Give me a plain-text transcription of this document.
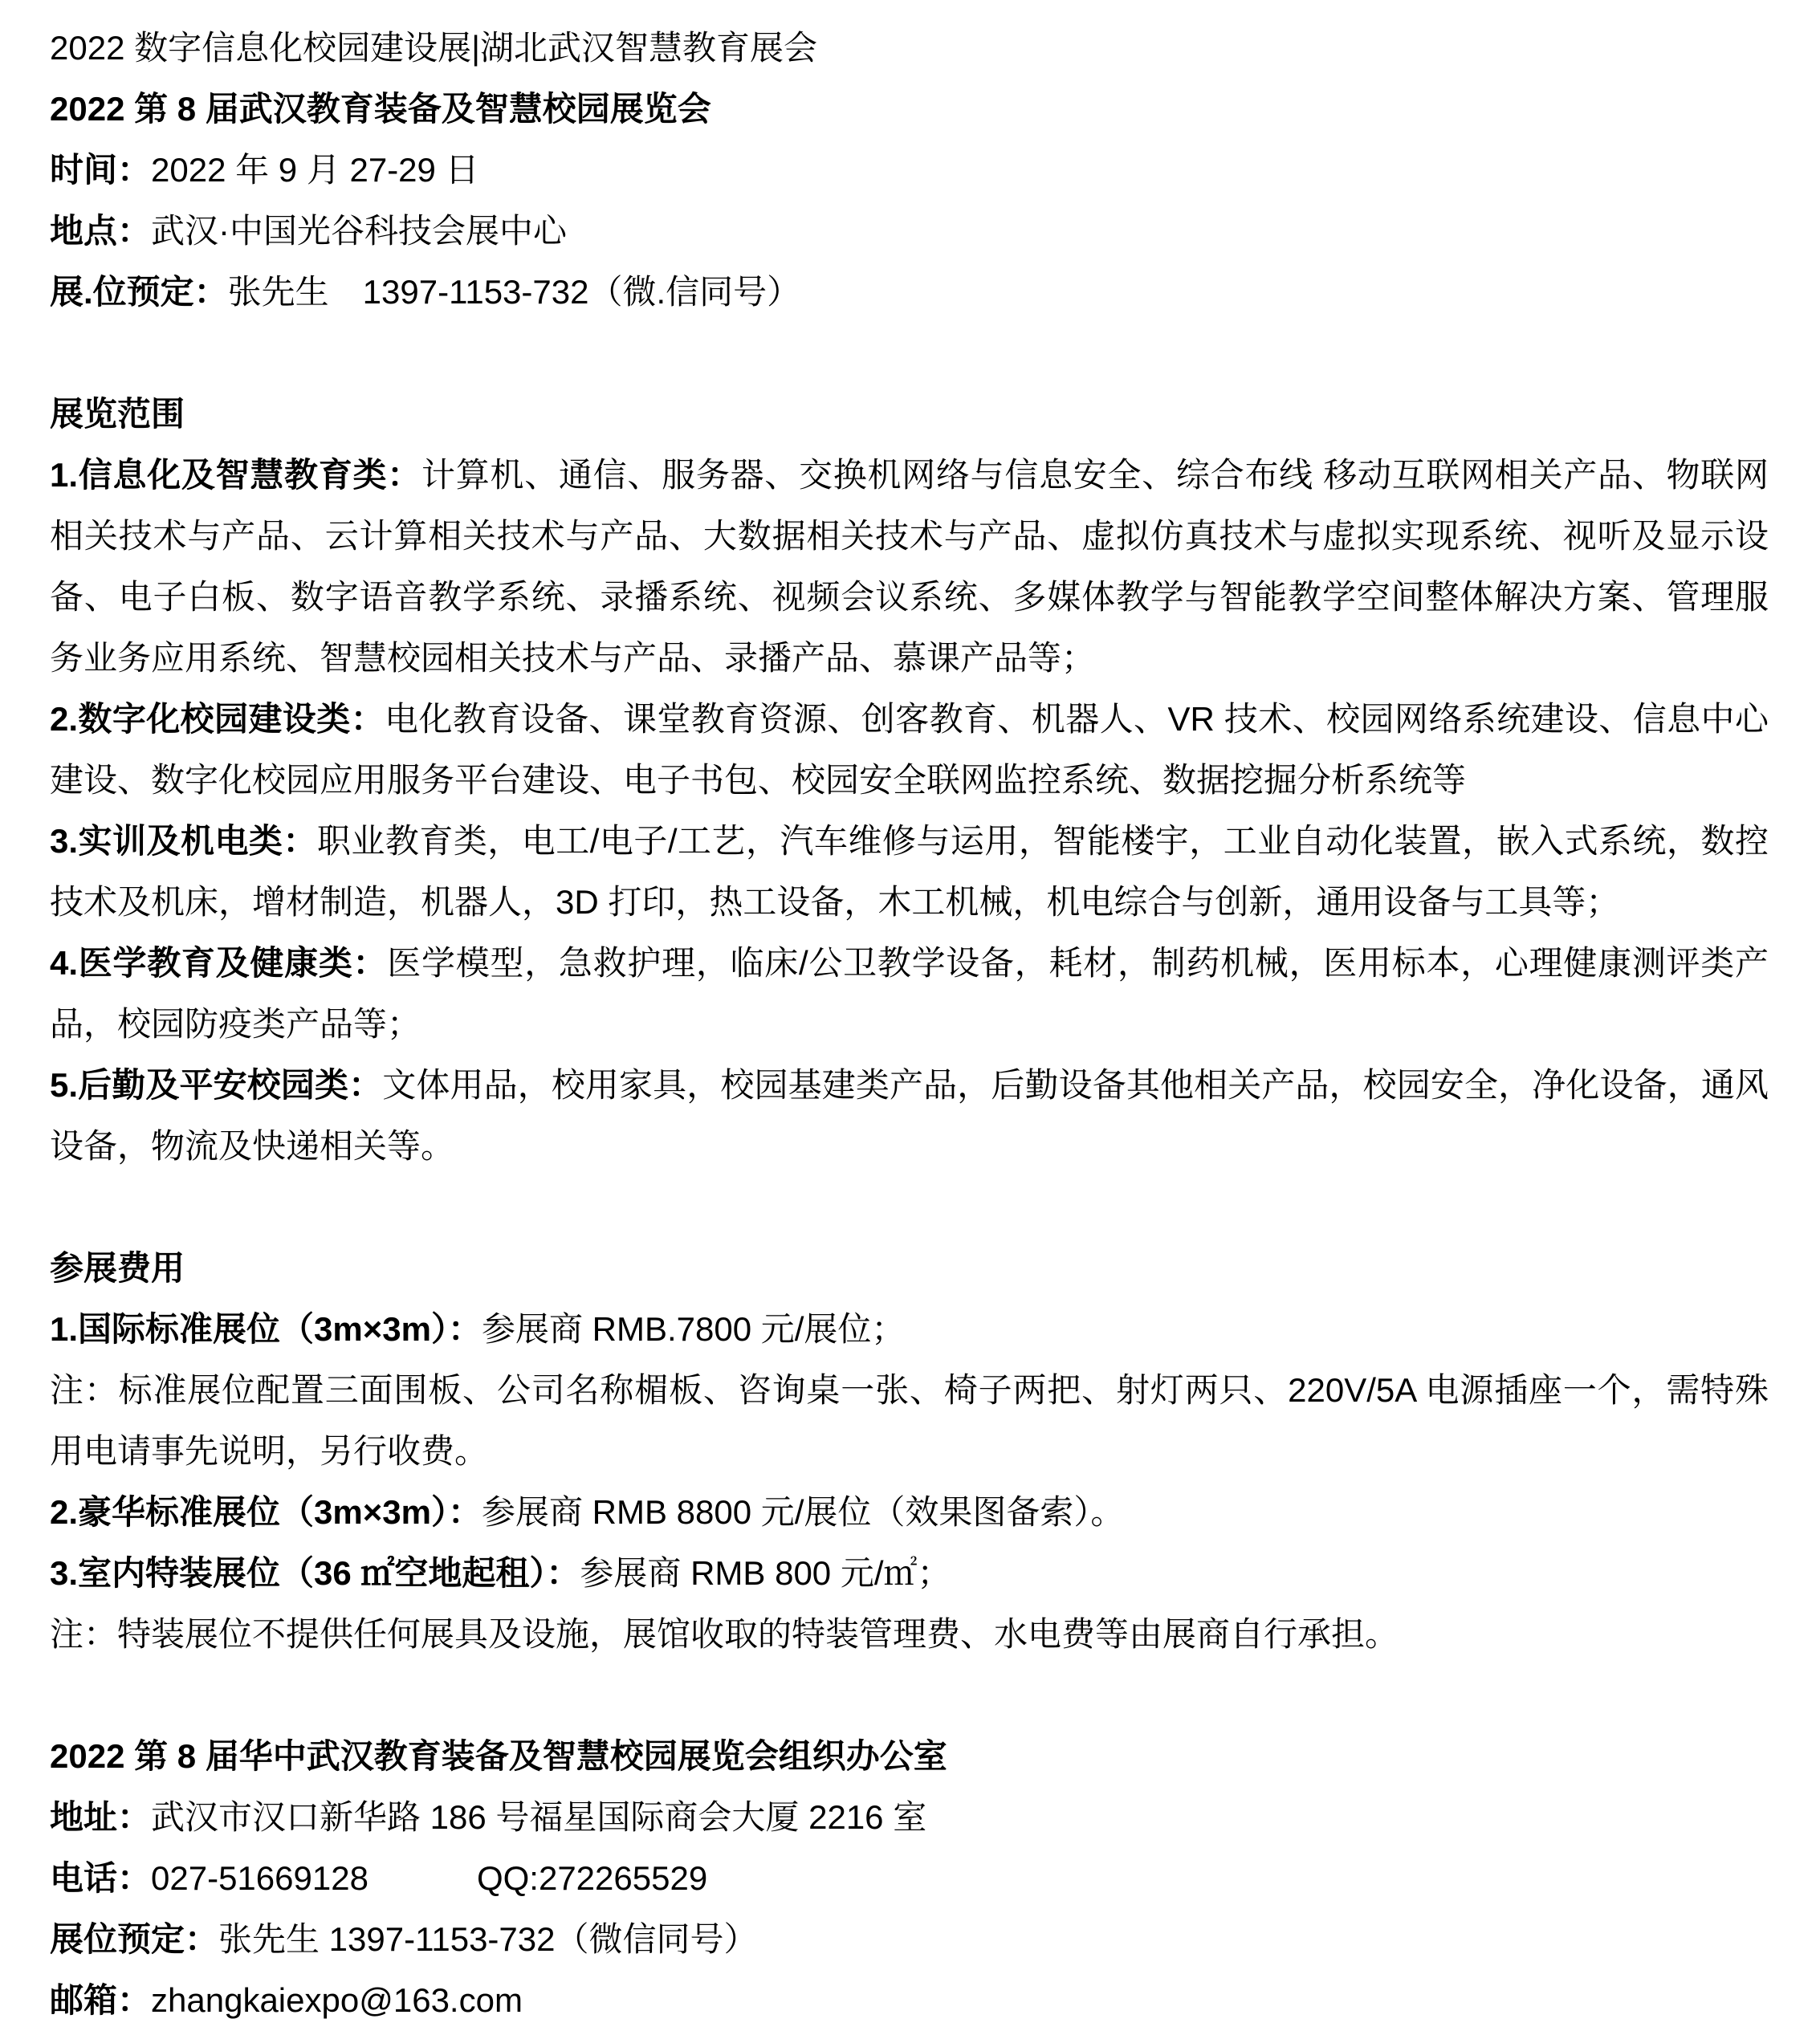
2022 数字信息化校园建设展|湖北武汉智慧教育展会

2022 第 8 届武汉教育装备及智慧校园展览会

时间：2022 年 9 月 27-29 日

地点：武汉·中国光谷科技会展中心

展.位预定：张先生　1397-1153-732（微.信同号）

展览范围

1.信息化及智慧教育类：计算机、通信、服务器、交换机网络与信息安全、综合布线 移动互联网相关产品、物联网相关技术与产品、云计算相关技术与产品、大数据相关技术与产品、虚拟仿真技术与虚拟实现系统、视听及显示设备、电子白板、数字语音教学系统、录播系统、视频会议系统、多媒体教学与智能教学空间整体解决方案、管理服务业务应用系统、智慧校园相关技术与产品、录播产品、慕课产品等；

2.数字化校园建设类：电化教育设备、课堂教育资源、创客教育、机器人、VR 技术、校园网络系统建设、信息中心建设、数字化校园应用服务平台建设、电子书包、校园安全联网监控系统、数据挖掘分析系统等

3.实训及机电类：职业教育类，电工/电子/工艺，汽车维修与运用，智能楼宇，工业自动化装置，嵌入式系统，数控技术及机床，增材制造，机器人，3D 打印，热工设备，木工机械，机电综合与创新，通用设备与工具等；

4.医学教育及健康类：医学模型，急救护理，临床/公卫教学设备，耗材，制药机械，医用标本，心理健康测评类产品，校园防疫类产品等；

5.后勤及平安校园类：文体用品，校用家具，校园基建类产品，后勤设备其他相关产品，校园安全，净化设备，通风设备，物流及快递相关等。

参展费用

1.国际标准展位（3m×3m）：参展商 RMB.7800 元/展位；

注：标准展位配置三面围板、公司名称楣板、咨询桌一张、椅子两把、射灯两只、220V/5A 电源插座一个，需特殊用电请事先说明，另行收费。

2.豪华标准展位（3m×3m）：参展商 RMB 8800 元/展位（效果图备索）。

3.室内特装展位（36 ㎡空地起租）：参展商 RMB 800 元/㎡；

注：特装展位不提供任何展具及设施，展馆收取的特装管理费、水电费等由展商自行承担。

2022 第 8 届华中武汉教育装备及智慧校园展览会组织办公室

地址：武汉市汉口新华路 186 号福星国际商会大厦 2216 室

电话：027-51669128	QQ:272265529

展位预定：张先生 1397-1153-732（微信同号）

邮箱：zhangkaiexpo@163.com
